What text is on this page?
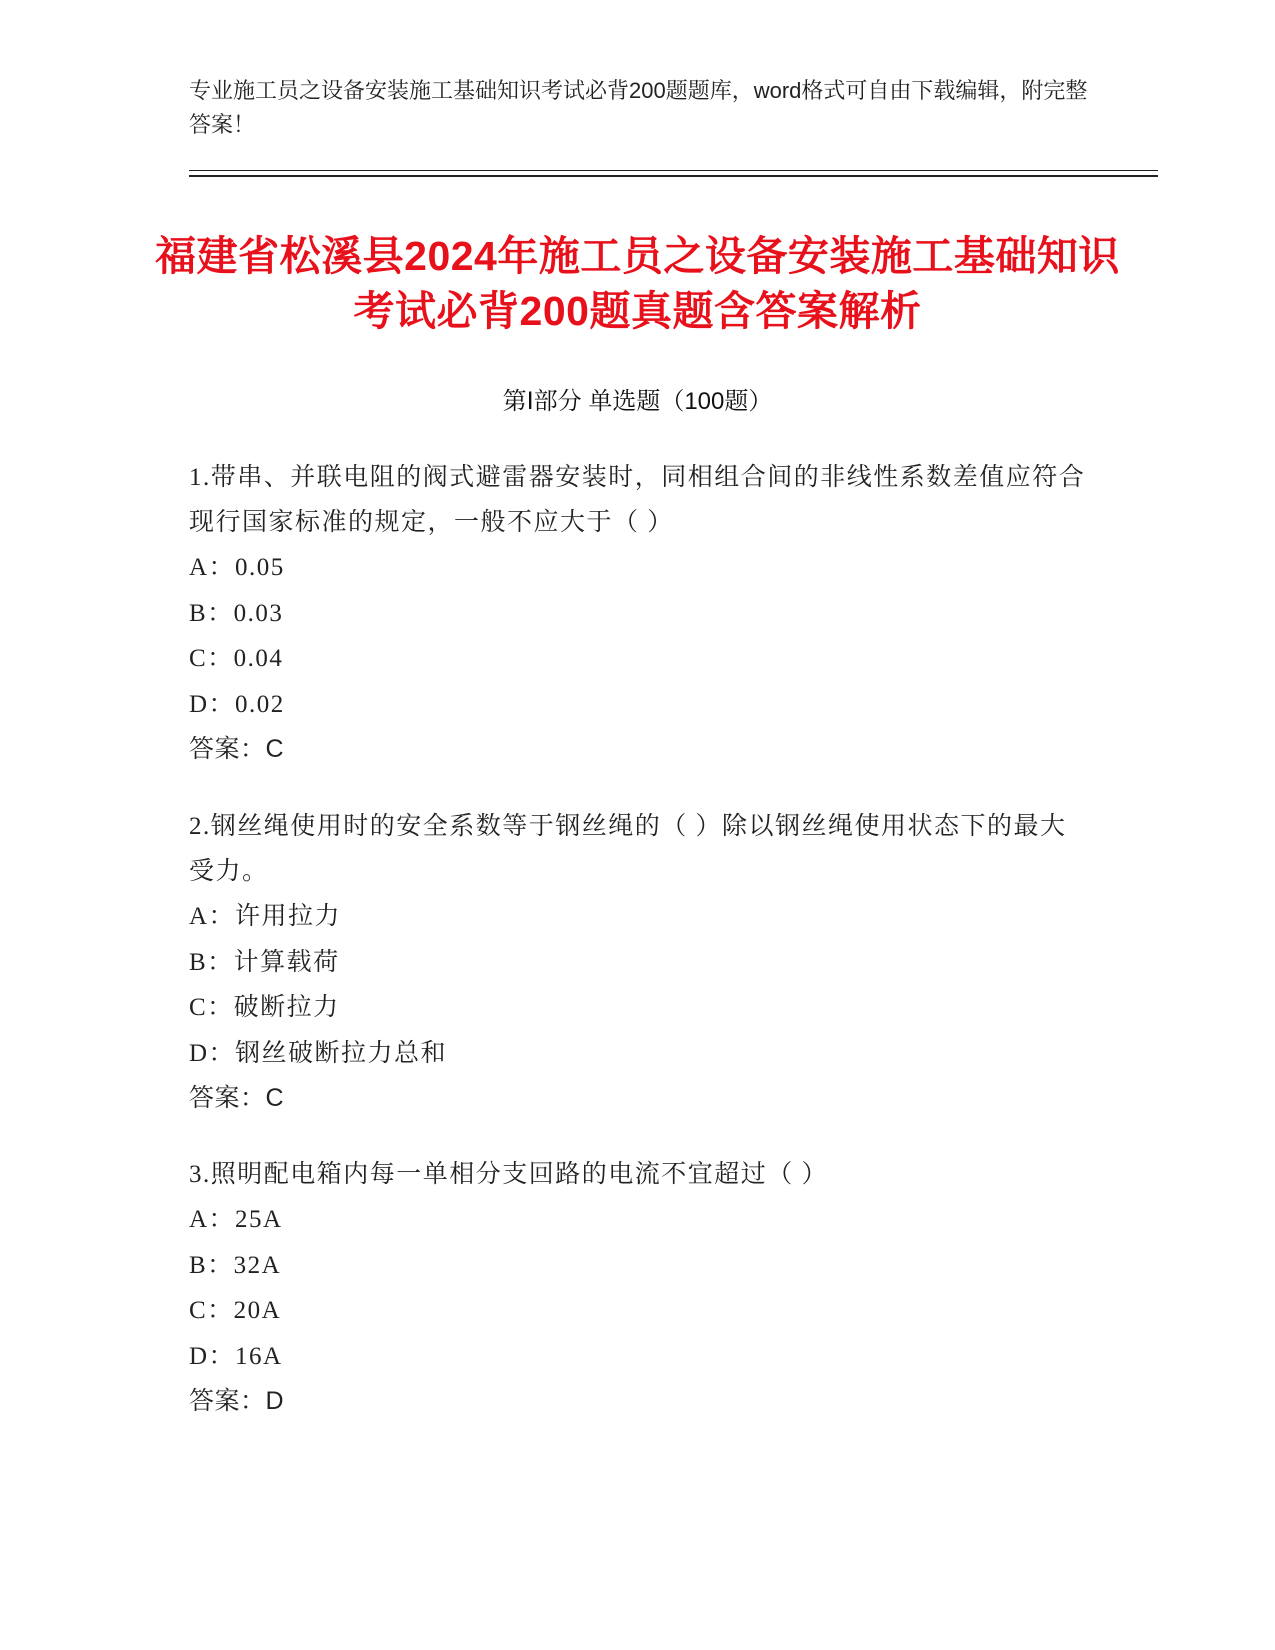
专业施工员之设备安装施工基础知识考试必背200题题库，word格式可自由下载编辑，附完整答案！
福建省松溪县2024年施工员之设备安装施工基础知识考试必背200题真题含答案解析
第Ⅰ部分 单选题（100题）
1.带串、并联电阻的阀式避雷器安装时，同相组合间的非线性系数差值应符合现行国家标准的规定，一般不应大于（ ）
A：0.05
B：0.03
C：0.04
D：0.02
答案：C
2.钢丝绳使用时的安全系数等于钢丝绳的（ ）除以钢丝绳使用状态下的最大受力。
A：许用拉力
B：计算载荷
C：破断拉力
D：钢丝破断拉力总和
答案：C
3.照明配电箱内每一单相分支回路的电流不宜超过（ ）
A：25A
B：32A
C：20A
D：16A
答案：D
